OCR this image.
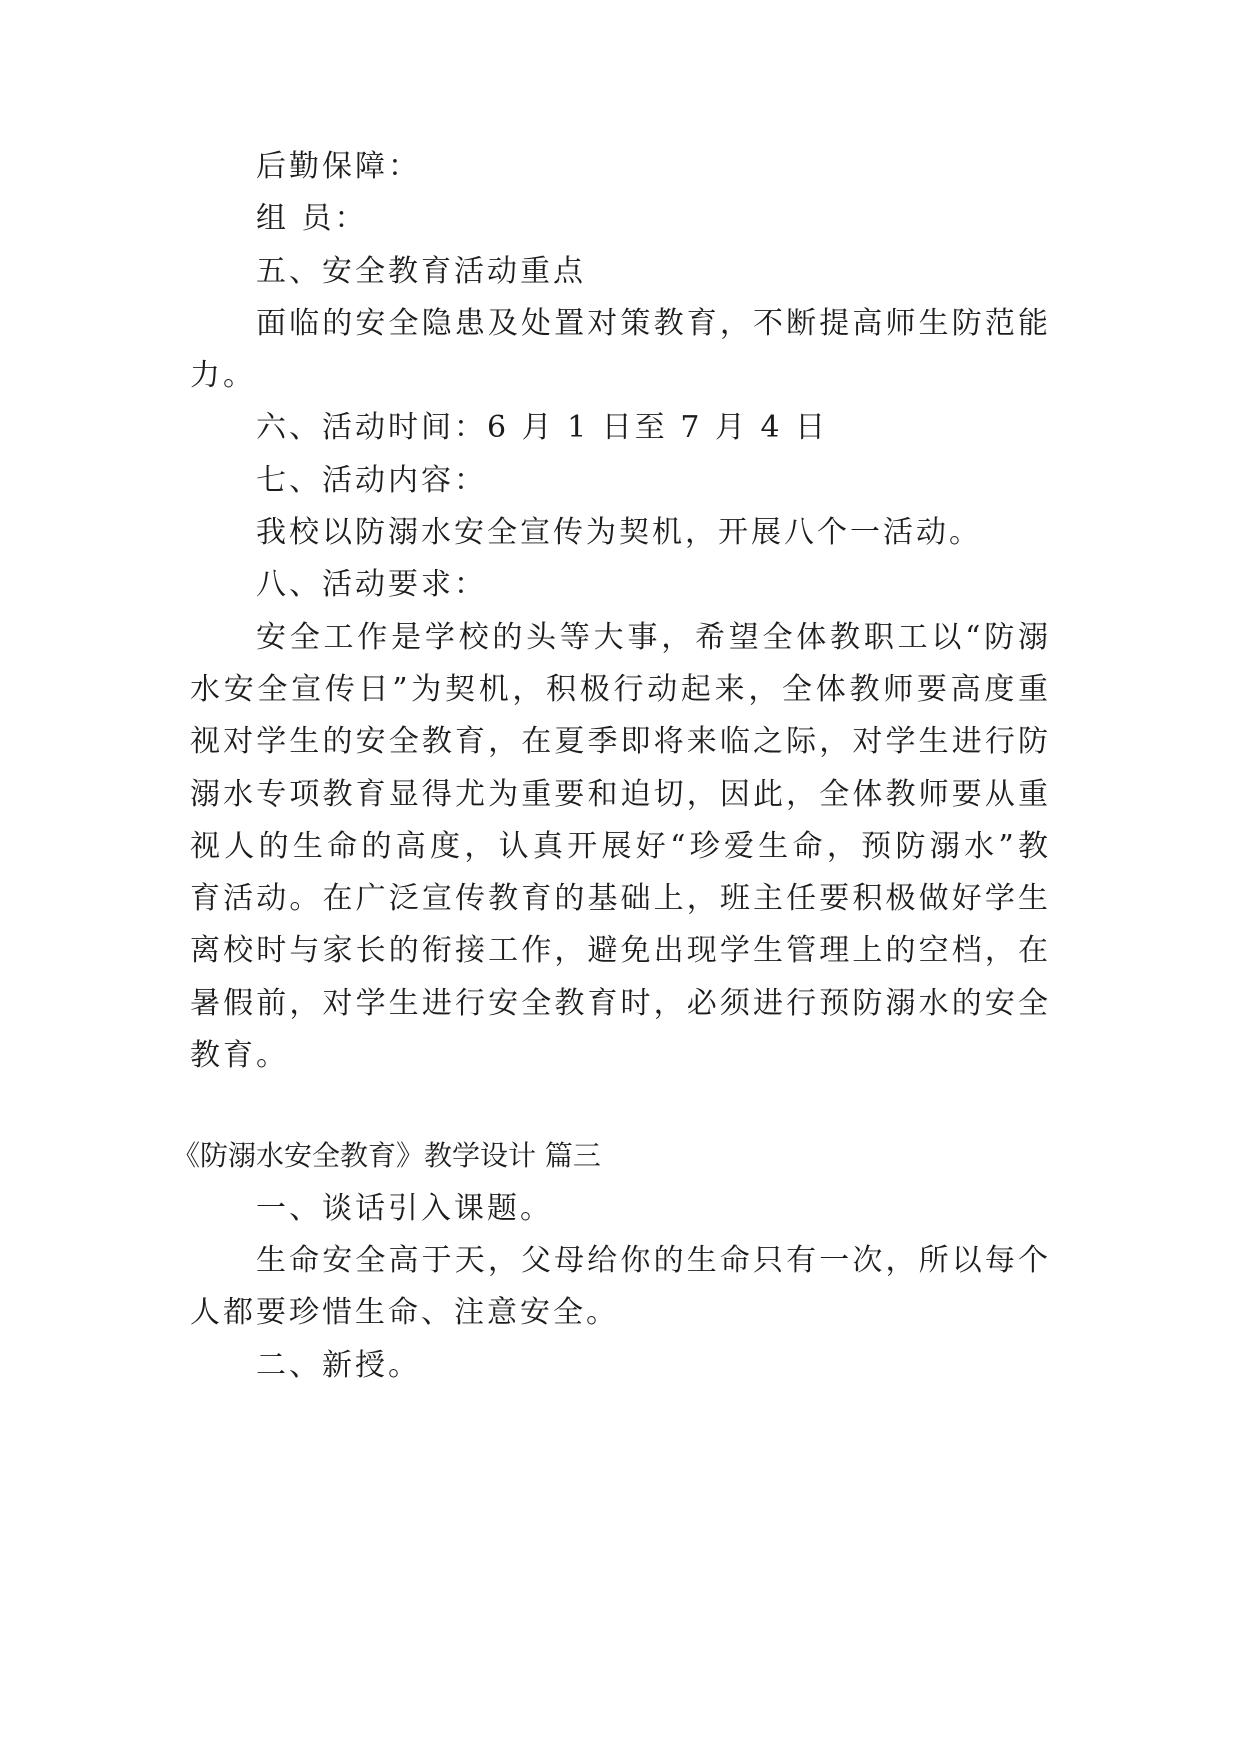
后勤保障：
组 员：
五、安全教育活动重点
面临的安全隐患及处置对策教育，不断提高师生防范能
力。
六、活动时间：6 月 1 日至 7 月 4 日
七、活动内容：
我校以防溺水安全宣传为契机，开展八个一活动。
八、活动要求：
安全工作是学校的头等大事，希望全体教职工以“防溺
水安全宣传日”为契机，积极行动起来，全体教师要高度重
视对学生的安全教育，在夏季即将来临之际，对学生进行防
溺水专项教育显得尤为重要和迫切，因此，全体教师要从重
视人的生命的高度，认真开展好“珍爱生命，预防溺水”教
育活动。在广泛宣传教育的基础上，班主任要积极做好学生
离校时与家长的衔接工作，避免出现学生管理上的空档，在
暑假前，对学生进行安全教育时，必须进行预防溺水的安全
教育。
《防溺水安全教育》教学设计 篇三
一、谈话引入课题。
生命安全高于天，父母给你的生命只有一次，所以每个
人都要珍惜生命、注意安全。
二、新授。
